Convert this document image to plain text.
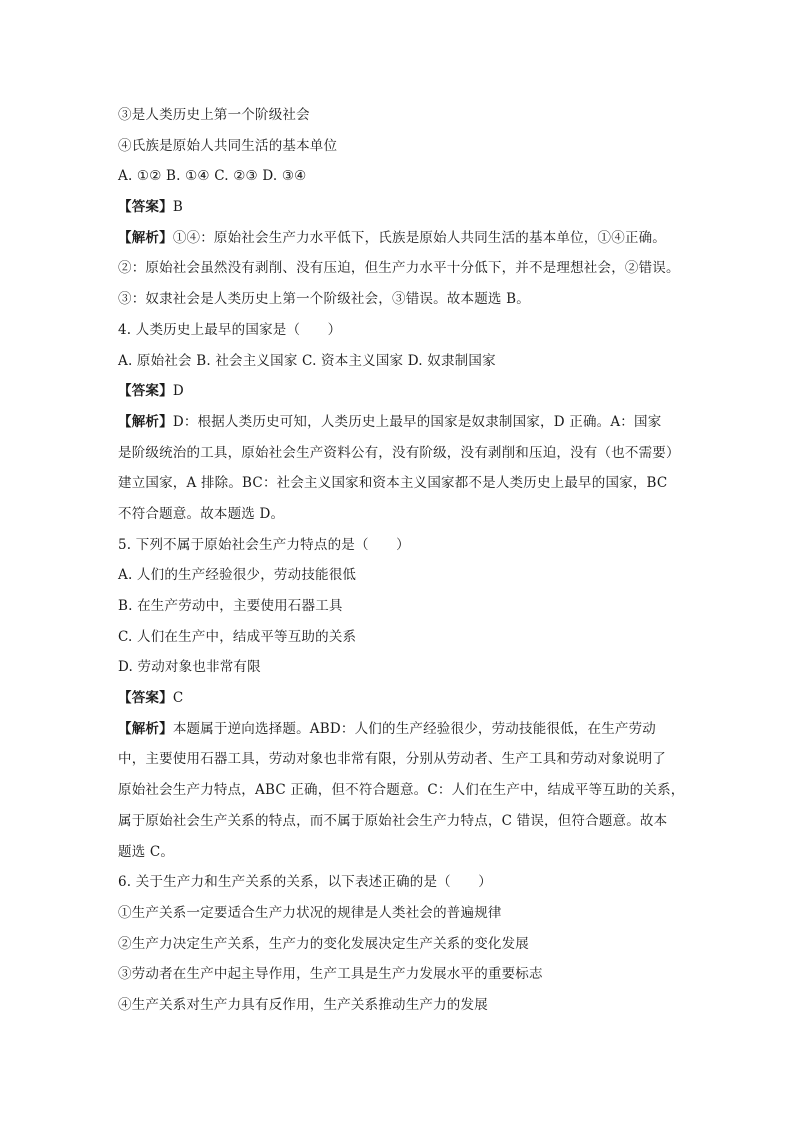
③是人类历史上第一个阶级社会
④氏族是原始人共同生活的基本单位
A. ①② B. ①④ C. ②③ D. ③④
【答案】B
【解析】①④：原始社会生产力水平低下，氏族是原始人共同生活的基本单位，①④正确。
②：原始社会虽然没有剥削、没有压迫，但生产力水平十分低下，并不是理想社会，②错误。
③：奴隶社会是人类历史上第一个阶级社会，③错误。故本题选 B。
4. 人类历史上最早的国家是（　　）
A. 原始社会 B. 社会主义国家 C. 资本主义国家 D. 奴隶制国家
【答案】D
【解析】D：根据人类历史可知，人类历史上最早的国家是奴隶制国家，D 正确。A：国家
是阶级统治的工具，原始社会生产资料公有，没有阶级，没有剥削和压迫，没有（也不需要）
建立国家，A 排除。BC：社会主义国家和资本主义国家都不是人类历史上最早的国家，BC
不符合题意。故本题选 D。
5. 下列不属于原始社会生产力特点的是（　　）
A. 人们的生产经验很少，劳动技能很低
B. 在生产劳动中，主要使用石器工具
C. 人们在生产中，结成平等互助的关系
D. 劳动对象也非常有限
【答案】C
【解析】本题属于逆向选择题。ABD：人们的生产经验很少，劳动技能很低，在生产劳动
中，主要使用石器工具，劳动对象也非常有限，分别从劳动者、生产工具和劳动对象说明了
原始社会生产力特点，ABC 正确，但不符合题意。C：人们在生产中，结成平等互助的关系，
属于原始社会生产关系的特点，而不属于原始社会生产力特点，C 错误，但符合题意。故本
题选 C。
6. 关于生产力和生产关系的关系，以下表述正确的是（　　）
①生产关系一定要适合生产力状况的规律是人类社会的普遍规律
②生产力决定生产关系，生产力的变化发展决定生产关系的变化发展
③劳动者在生产中起主导作用，生产工具是生产力发展水平的重要标志
④生产关系对生产力具有反作用，生产关系推动生产力的发展
